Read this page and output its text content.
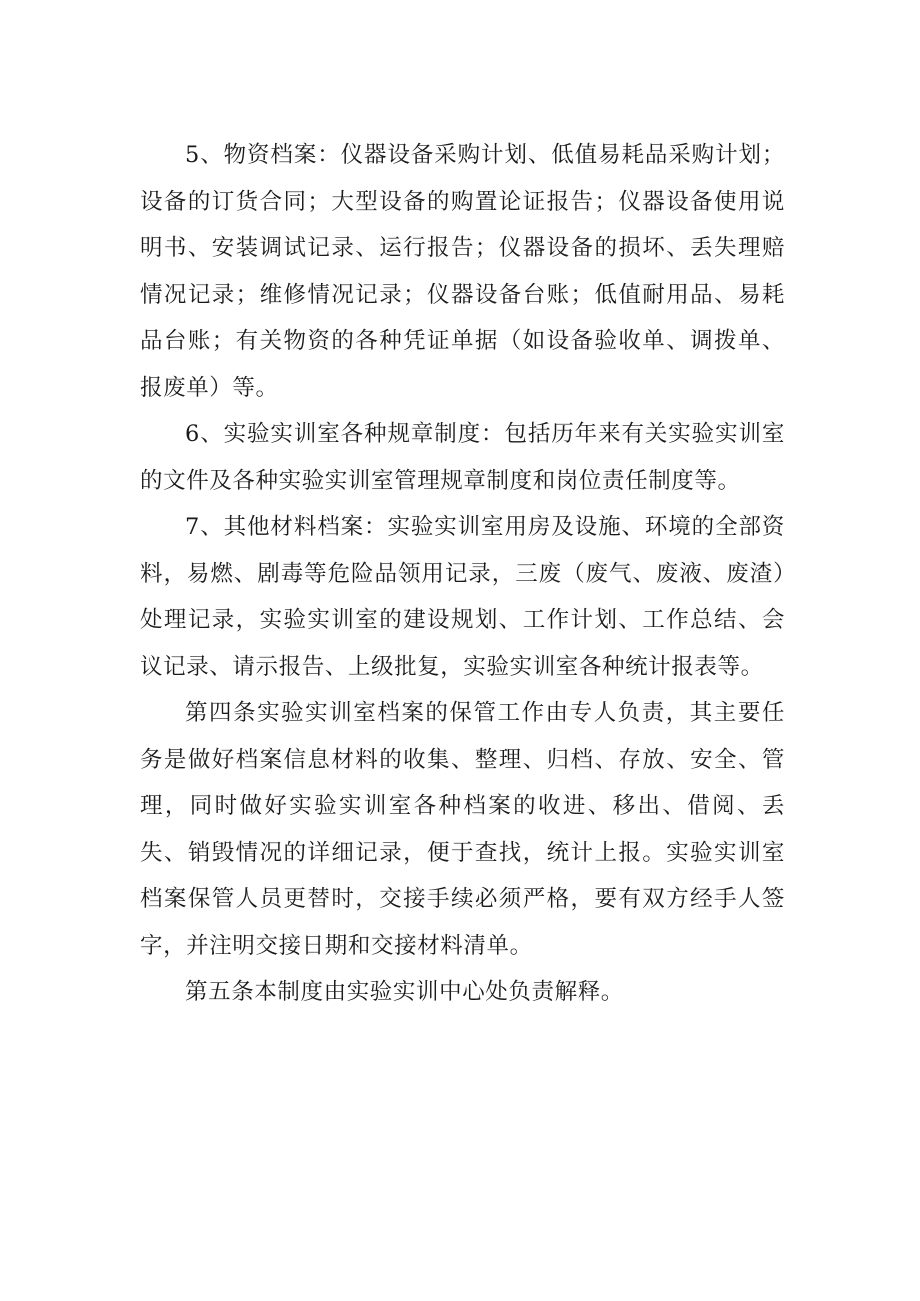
5、物资档案：仪器设备采购计划、低值易耗品采购计划；设备的订货合同；大型设备的购置论证报告；仪器设备使用说明书、安装调试记录、运行报告；仪器设备的损坏、丢失理赔情况记录；维修情况记录；仪器设备台账；低值耐用品、易耗品台账；有关物资的各种凭证单据（如设备验收单、调拨单、报废单）等。

6、实验实训室各种规章制度：包括历年来有关实验实训室的文件及各种实验实训室管理规章制度和岗位责任制度等。

7、其他材料档案：实验实训室用房及设施、环境的全部资料，易燃、剧毒等危险品领用记录，三废（废气、废液、废渣）处理记录，实验实训室的建设规划、工作计划、工作总结、会议记录、请示报告、上级批复，实验实训室各种统计报表等。

第四条实验实训室档案的保管工作由专人负责，其主要任务是做好档案信息材料的收集、整理、归档、存放、安全、管理，同时做好实验实训室各种档案的收进、移出、借阅、丢失、销毁情况的详细记录，便于查找，统计上报。实验实训室档案保管人员更替时，交接手续必须严格，要有双方经手人签字，并注明交接日期和交接材料清单。

第五条本制度由实验实训中心处负责解释。
